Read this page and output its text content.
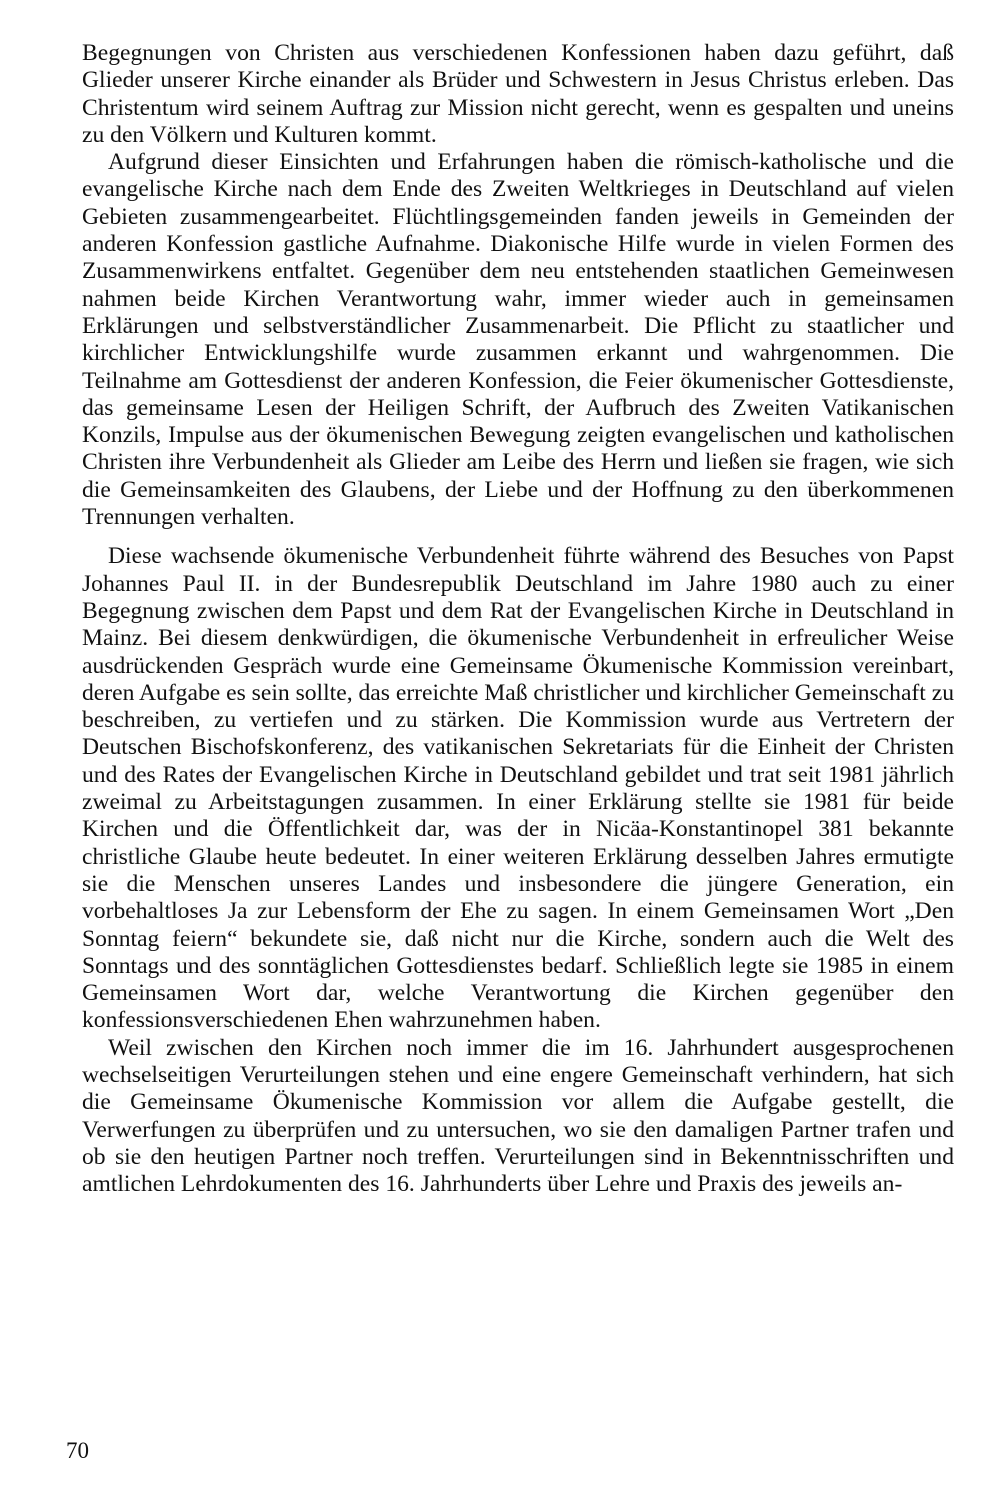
Begegnungen von Christen aus verschiedenen Konfessionen haben dazu geführt, daß Glieder unserer Kirche einander als Brüder und Schwestern in Jesus Christus erleben. Das Christentum wird seinem Auftrag zur Mission nicht gerecht, wenn es gespalten und uneins zu den Völkern und Kulturen kommt.

Aufgrund dieser Einsichten und Erfahrungen haben die römisch-katholische und die evangelische Kirche nach dem Ende des Zweiten Weltkrieges in Deutschland auf vielen Gebieten zusammengearbeitet. Flüchtlingsgemeinden fanden jeweils in Gemeinden der anderen Konfession gastliche Aufnahme. Diakonische Hilfe wurde in vielen Formen des Zusammenwirkens entfaltet. Gegenüber dem neu entstehenden staatlichen Gemeinwesen nahmen beide Kirchen Verantwortung wahr, immer wieder auch in gemeinsamen Erklärungen und selbstverständlicher Zusammenarbeit. Die Pflicht zu staatlicher und kirchlicher Entwicklungshilfe wurde zusammen erkannt und wahrgenommen. Die Teilnahme am Gottesdienst der anderen Konfession, die Feier ökumenischer Gottesdienste, das gemeinsame Lesen der Heiligen Schrift, der Aufbruch des Zweiten Vatikanischen Konzils, Impulse aus der ökumenischen Bewegung zeigten evangelischen und katholischen Christen ihre Verbundenheit als Glieder am Leibe des Herrn und ließen sie fragen, wie sich die Gemeinsamkeiten des Glaubens, der Liebe und der Hoffnung zu den überkommenen Trennungen verhalten.

Diese wachsende ökumenische Verbundenheit führte während des Besuches von Papst Johannes Paul II. in der Bundesrepublik Deutschland im Jahre 1980 auch zu einer Begegnung zwischen dem Papst und dem Rat der Evangelischen Kirche in Deutschland in Mainz. Bei diesem denkwürdigen, die ökumenische Verbundenheit in erfreulicher Weise ausdrückenden Gespräch wurde eine Gemeinsame Ökumenische Kommission vereinbart, deren Aufgabe es sein sollte, das erreichte Maß christlicher und kirchlicher Gemeinschaft zu beschreiben, zu vertiefen und zu stärken. Die Kommission wurde aus Vertretern der Deutschen Bischofskonferenz, des vatikanischen Sekretariats für die Einheit der Christen und des Rates der Evangelischen Kirche in Deutschland gebildet und trat seit 1981 jährlich zweimal zu Arbeitstagungen zusammen. In einer Erklärung stellte sie 1981 für beide Kirchen und die Öffentlichkeit dar, was der in Nicäa-Konstantinopel 381 bekannte christliche Glaube heute bedeutet. In einer weiteren Erklärung desselben Jahres ermutigte sie die Menschen unseres Landes und insbesondere die jüngere Generation, ein vorbehaltloses Ja zur Lebensform der Ehe zu sagen. In einem Gemeinsamen Wort „Den Sonntag feiern“ bekundete sie, daß nicht nur die Kirche, sondern auch die Welt des Sonntags und des sonntäglichen Gottesdienstes bedarf. Schließlich legte sie 1985 in einem Gemeinsamen Wort dar, welche Verantwortung die Kirchen gegenüber den konfessionsverschiedenen Ehen wahrzunehmen haben.

Weil zwischen den Kirchen noch immer die im 16. Jahrhundert ausgesprochenen wechselseitigen Verurteilungen stehen und eine engere Gemeinschaft verhindern, hat sich die Gemeinsame Ökumenische Kommission vor allem die Aufgabe gestellt, die Verwerfungen zu überprüfen und zu untersuchen, wo sie den damaligen Partner trafen und ob sie den heutigen Partner noch treffen. Verurteilungen sind in Bekenntnisschriften und amtlichen Lehrdokumenten des 16. Jahrhunderts über Lehre und Praxis des jeweils an-

70
